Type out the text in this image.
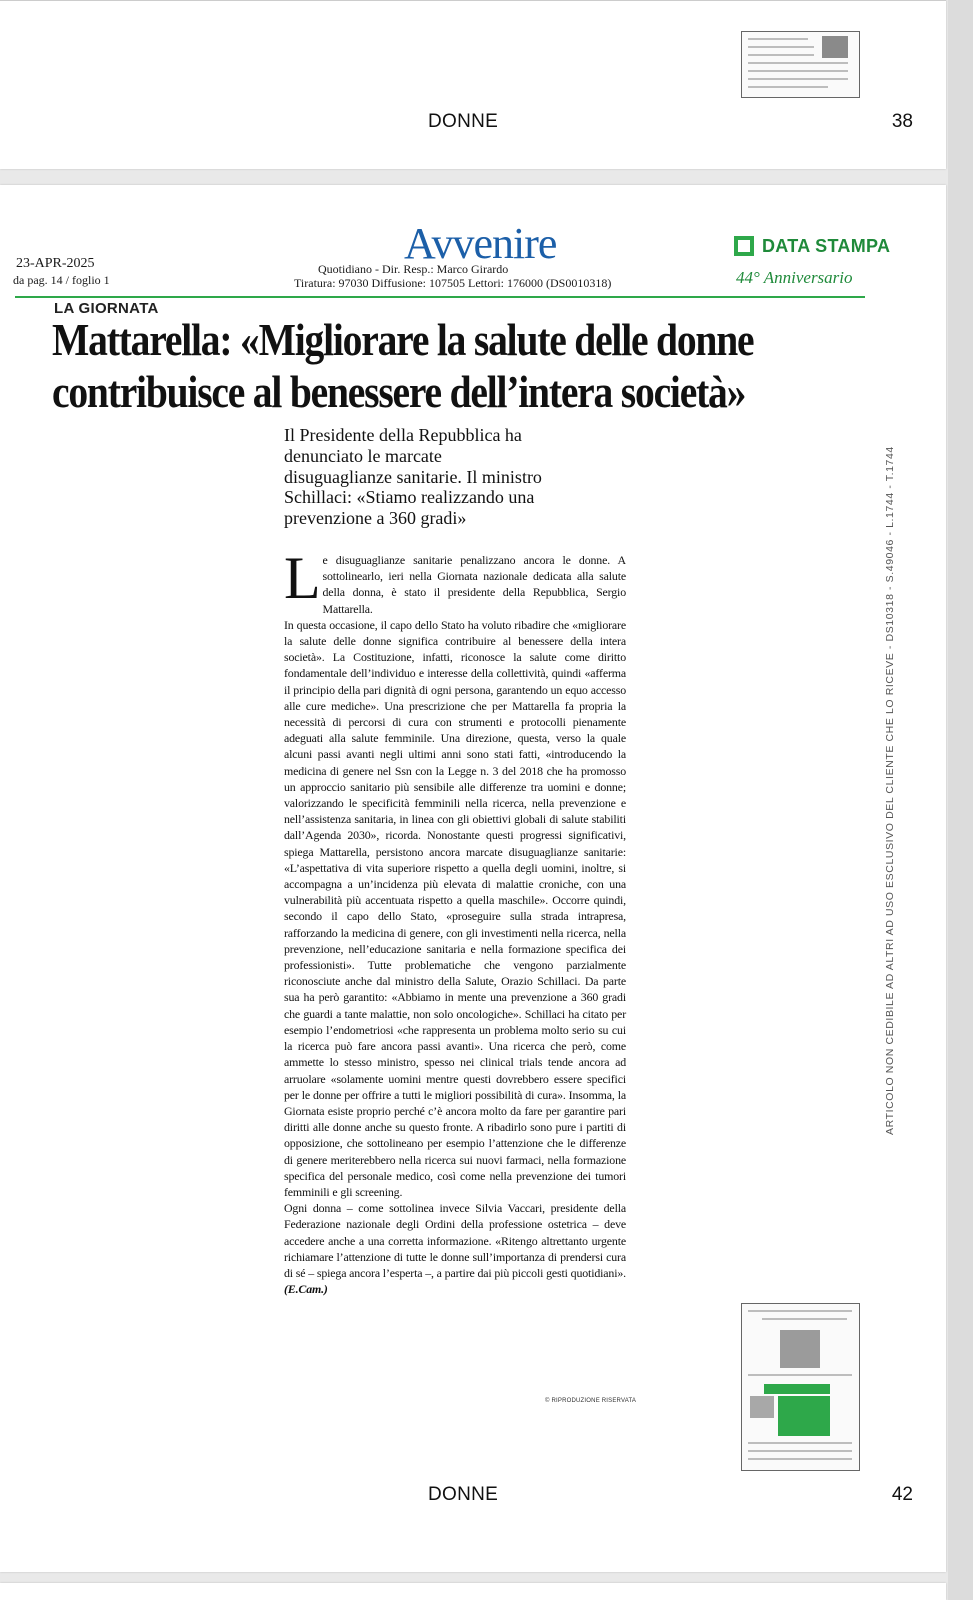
DONNE	38
23-APR-2025
da pag. 14 / foglio 1
Avvenire
Quotidiano - Dir. Resp.: Marco Girardo
Tiratura: 97030 Diffusione: 107505 Lettori: 176000 (DS0010318)
DATA STAMPA
44° Anniversario
LA GIORNATA
Mattarella: «Migliorare la salute delle donne contribuisce al benessere dell’intera società»
Il Presidente della Repubblica ha denunciato le marcate disuguaglianze sanitarie. Il ministro Schillaci: «Stiamo realizzando una prevenzione a 360 gradi»

Le disuguaglianze sanitarie penalizzano ancora le donne. A sottolinearlo, ieri nella Giornata nazionale dedicata alla salute della donna, è stato il presidente della Repubblica, Sergio Mattarella.

In questa occasione, il capo dello Stato ha voluto ribadire che «migliorare la salute delle donne significa contribuire al benessere della intera società». La Costituzione, infatti, riconosce la salute come diritto fondamentale dell’individuo e interesse della collettività, quindi «afferma il principio della pari dignità di ogni persona, garantendo un equo accesso alle cure mediche». Una prescrizione che per Mattarella fa propria la necessità di percorsi di cura con strumenti e protocolli pienamente adeguati alla salute femminile. Una direzione, questa, verso la quale alcuni passi avanti negli ultimi anni sono stati fatti, «introducendo la medicina di genere nel Ssn con la Legge n. 3 del 2018 che ha promosso un approccio sanitario più sensibile alle differenze tra uomini e donne; valorizzando le specificità femminili nella ricerca, nella prevenzione e nell’assistenza sanitaria, in linea con gli obiettivi globali di salute stabiliti dall’Agenda 2030», ricorda. Nonostante questi progressi significativi, spiega Mattarella, persistono ancora marcate disuguaglianze sanitarie: «L’aspettativa di vita superiore rispetto a quella degli uomini, inoltre, si accompagna a un’incidenza più elevata di malattie croniche, con una vulnerabilità più accentuata rispetto a quella maschile». Occorre quindi, secondo il capo dello Stato, «proseguire sulla strada intrapresa, rafforzando la medicina di genere, con gli investimenti nella ricerca, nella prevenzione, nell’educazione sanitaria e nella formazione specifica dei professionisti». Tutte problematiche che vengono parzialmente riconosciute anche dal ministro della Salute, Orazio Schillaci. Da parte sua ha però garantito: «Abbiamo in mente una prevenzione a 360 gradi che guardi a tante malattie, non solo oncologiche». Schillaci ha citato per esempio l’endometriosi «che rappresenta un problema molto serio su cui la ricerca può fare ancora passi avanti». Una ricerca che però, come ammette lo stesso ministro, spesso nei clinical trials tende ancora ad arruolare «solamente uomini mentre questi dovrebbero essere specifici per le donne per offrire a tutti le migliori possibilità di cura». Insomma, la Giornata esiste proprio perché c’è ancora molto da fare per garantire pari diritti alle donne anche su questo fronte. A ribadirlo sono pure i partiti di opposizione, che sottolineano per esempio l’attenzione che le differenze di genere meriterebbero nella ricerca sui nuovi farmaci, nella formazione specifica del personale medico, così come nella prevenzione dei tumori femminili e gli screening.

Ogni donna – come sottolinea invece Silvia Vaccari, presidente della Federazione nazionale degli Ordini della professione ostetrica – deve accedere anche a una corretta informazione. «Ritengo altrettanto urgente richiamare l’attenzione di tutte le donne sull’importanza di prendersi cura di sé – spiega ancora l’esperta –, a partire dai più piccoli gesti quotidiani». (E.Cam.)

© RIPRODUZIONE RISERVATA
ARTICOLO NON CEDIBILE AD ALTRI AD USO ESCLUSIVO DEL CLIENTE CHE LO RICEVE - DS10318 - S.49046 - L.1744 - T.1744
DONNE	42
